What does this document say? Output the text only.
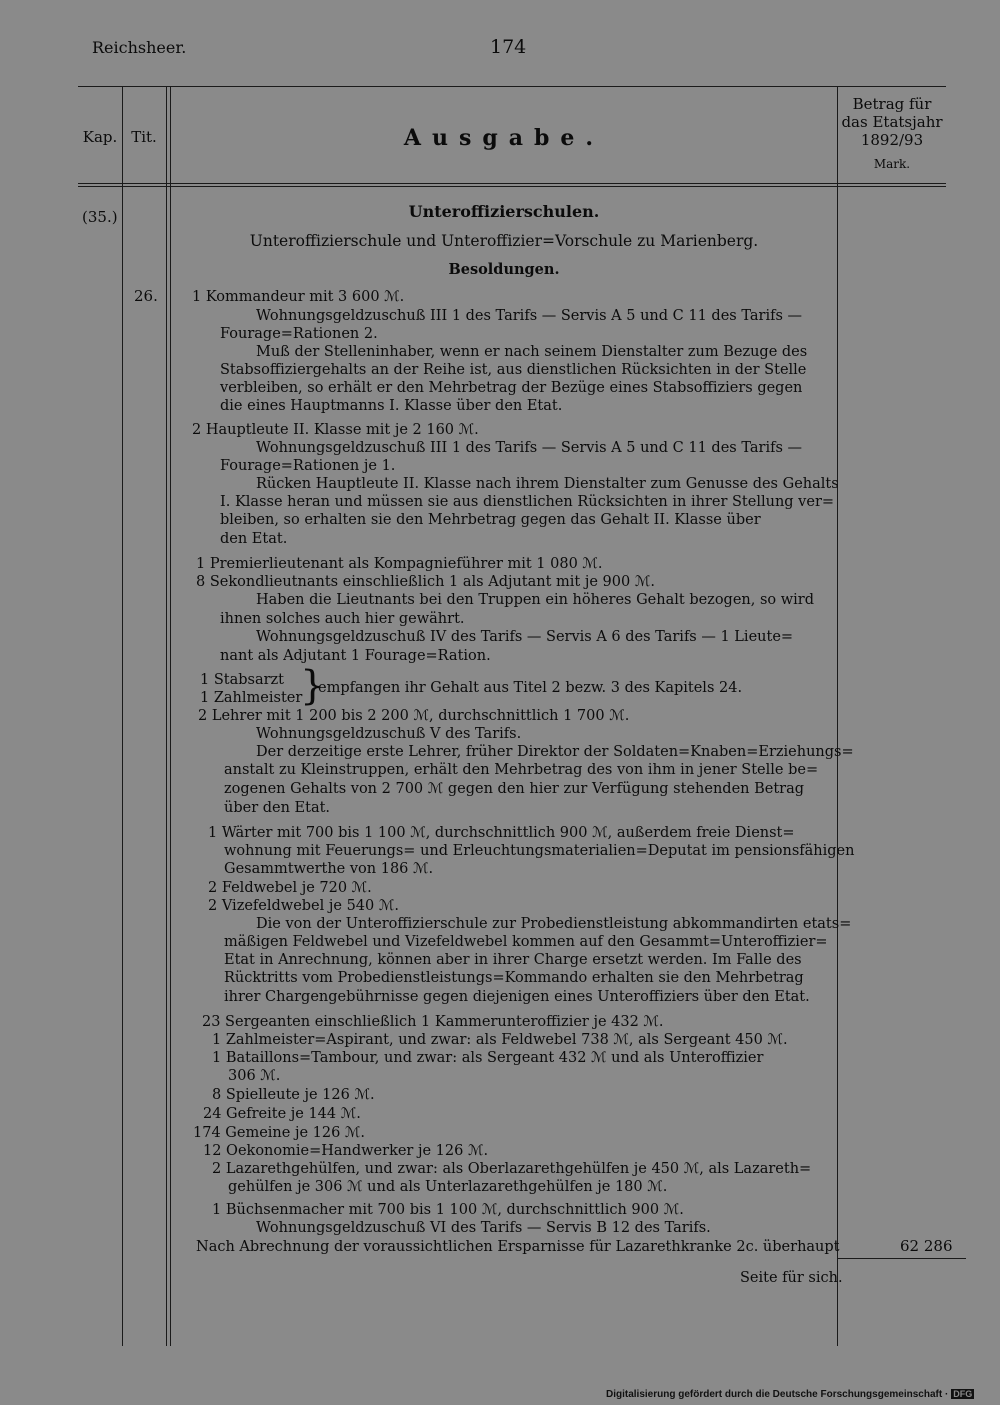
Reichsheer.	174
Kap. Tit.	Ausgabe.
Betrag für
das Etatsjahr
1892/93
Mark.
(35.)
26.
Unteroffizierschulen.
Unteroffizierschule und Unteroffizier=Vorschule zu Marienberg.
Besoldungen.
1 Kommandeur mit 3 600 ℳ.
Wohnungsgeldzuschuß III 1 des Tarifs — Servis A 5 und C 11 des Tarifs —
Fourage=Rationen 2.
Muß der Stelleninhaber, wenn er nach seinem Dienstalter zum Bezuge des
Stabsoffiziergehalts an der Reihe ist, aus dienstlichen Rücksichten in der Stelle
verbleiben, so erhält er den Mehrbetrag der Bezüge eines Stabsoffiziers gegen
die eines Hauptmanns I. Klasse über den Etat.
2 Hauptleute II. Klasse mit je 2 160 ℳ.
Wohnungsgeldzuschuß III 1 des Tarifs — Servis A 5 und C 11 des Tarifs —
Fourage=Rationen je 1.
Rücken Hauptleute II. Klasse nach ihrem Dienstalter zum Genusse des Gehalts
I. Klasse heran und müssen sie aus dienstlichen Rücksichten in ihrer Stellung ver=
bleiben, so erhalten sie den Mehrbetrag gegen das Gehalt II. Klasse über
den Etat.
1 Premierlieutenant als Kompagnieführer mit 1 080 ℳ.
8 Sekondlieutnants einschließlich 1 als Adjutant mit je 900 ℳ.
Haben die Lieutnants bei den Truppen ein höheres Gehalt bezogen, so wird
ihnen solches auch hier gewährt.
Wohnungsgeldzuschuß IV des Tarifs — Servis A 6 des Tarifs — 1 Lieute=
nant als Adjutant 1 Fourage=Ration.
1 Stabsarzt
1 Zahlmeister
}
empfangen ihr Gehalt aus Titel 2 bezw. 3 des Kapitels 24.
2 Lehrer mit 1 200 bis 2 200 ℳ, durchschnittlich 1 700 ℳ.
Wohnungsgeldzuschuß V des Tarifs.
Der derzeitige erste Lehrer, früher Direktor der Soldaten=Knaben=Erziehungs=
anstalt zu Kleinstruppen, erhält den Mehrbetrag des von ihm in jener Stelle be=
zogenen Gehalts von 2 700 ℳ gegen den hier zur Verfügung stehenden Betrag
über den Etat.
1 Wärter mit 700 bis 1 100 ℳ, durchschnittlich 900 ℳ, außerdem freie Dienst=
wohnung mit Feuerungs= und Erleuchtungsmaterialien=Deputat im pensionsfähigen
Gesammtwerthe von 186 ℳ.
2 Feldwebel je 720 ℳ.
2 Vizefeldwebel je 540 ℳ.
Die von der Unteroffizierschule zur Probedienstleistung abkommandirten etats=
mäßigen Feldwebel und Vizefeldwebel kommen auf den Gesammt=Unteroffizier=
Etat in Anrechnung, können aber in ihrer Charge ersetzt werden. Im Falle des
Rücktritts vom Probedienstleistungs=Kommando erhalten sie den Mehrbetrag
ihrer Chargengebührnisse gegen diejenigen eines Unteroffiziers über den Etat.
23 Sergeanten einschließlich 1 Kammerunteroffizier je 432 ℳ.
1 Zahlmeister=Aspirant, und zwar: als Feldwebel 738 ℳ, als Sergeant 450 ℳ.
1 Bataillons=Tambour, und zwar: als Sergeant 432 ℳ und als Unteroffizier
306 ℳ.
8 Spielleute je 126 ℳ.
24 Gefreite je 144 ℳ.
174 Gemeine je 126 ℳ.
12 Oekonomie=Handwerker je 126 ℳ.
2 Lazarethgehülfen, und zwar: als Oberlazarethgehülfen je 450 ℳ, als Lazareth=
gehülfen je 306 ℳ und als Unterlazarethgehülfen je 180 ℳ.
1 Büchsenmacher mit 700 bis 1 100 ℳ, durchschnittlich 900 ℳ.
Wohnungsgeldzuschuß VI des Tarifs — Servis B 12 des Tarifs.
Nach Abrechnung der voraussichtlichen Ersparnisse für Lazarethkranke 2c. überhaupt	62 286
Seite für sich.
Digitalisierung gefördert durch die Deutsche Forschungsgemeinschaft · DFG
